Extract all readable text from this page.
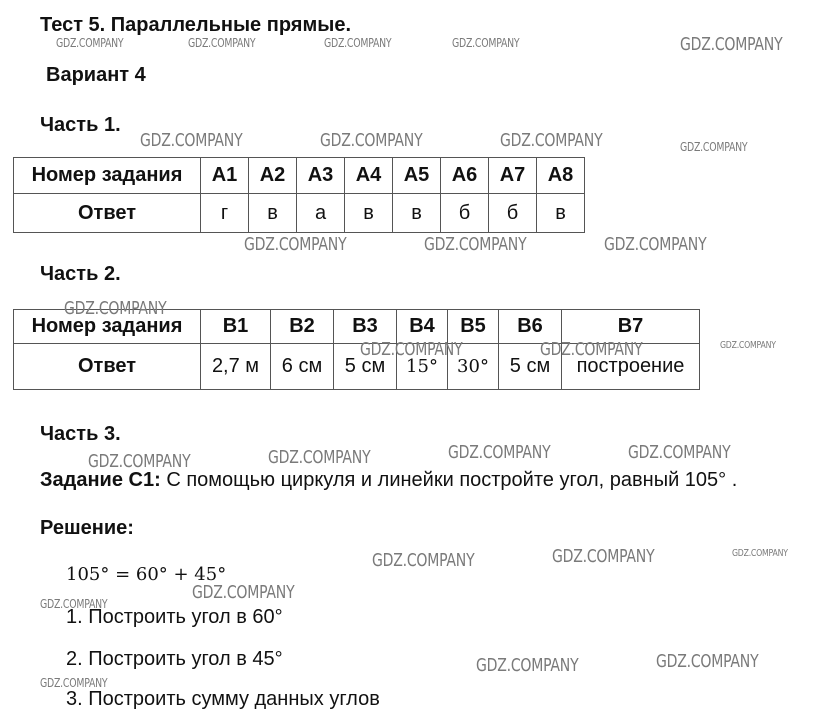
Тест 5. Параллельные прямые.
Вариант 4
Часть 1.
Номер задания	A1	A2	A3	A4	A5	A6	A7	A8
Ответ	г	в	а	в	в	б	б	в
Часть 2.
Номер задания	B1	B2	B3	B4	B5	B6	B7
Ответ	2,7 м	6 см	5 см	15°	30°	5 см	построение
Часть 3.
Задание С1: С помощью циркуля и линейки постройте угол, равный 105° .
Решение:
105° = 60° + 45°
1. Построить угол в 60°
2. Построить угол в 45°
3. Построить сумму данных углов
GDZ.COMPANY	GDZ.COMPANY	GDZ.COMPANY	GDZ.COMPANY	GDZ.COMPANY
GDZ.COMPANY	GDZ.COMPANY	GDZ.COMPANY	GDZ.COMPANY
GDZ.COMPANY	GDZ.COMPANY	GDZ.COMPANY
GDZ.COMPANY
GDZ.COMPANY	GDZ.COMPANY	GDZ.COMPANY
GDZ.COMPANY	GDZ.COMPANY
GDZ.COMPANY	GDZ.COMPANY
GDZ.COMPANY	GDZ.COMPANY
GDZ.COMPANY
GDZ.COMPANY
GDZ.COMPANY
GDZ.COMPANY
GDZ.COMPANY
GDZ.COMPANY
